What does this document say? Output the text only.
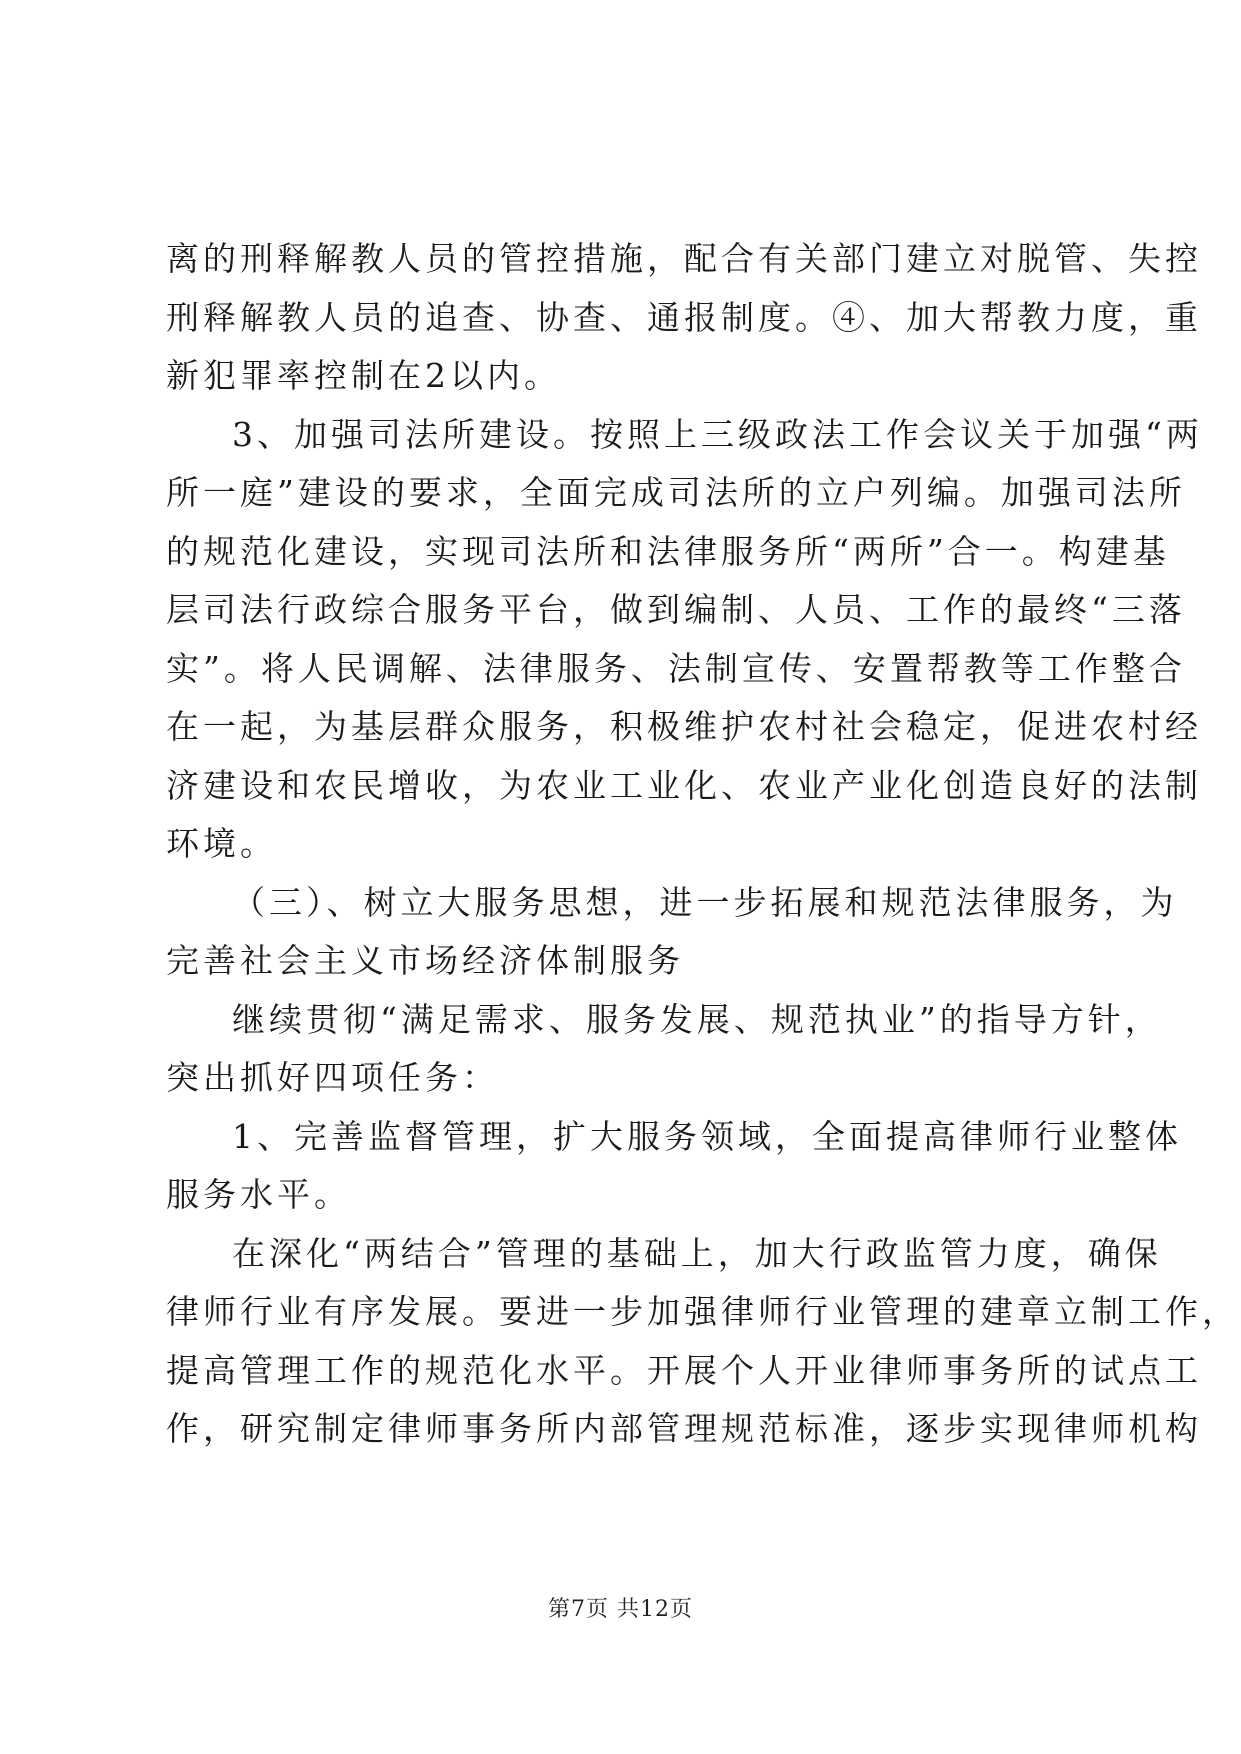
离的刑释解教人员的管控措施，配合有关部门建立对脱管、失控
刑释解教人员的追查、协查、通报制度。④、加大帮教力度，重
新犯罪率控制在2以内。
3、加强司法所建设。按照上三级政法工作会议关于加强“两
所一庭”建设的要求，全面完成司法所的立户列编。加强司法所
的规范化建设，实现司法所和法律服务所“两所”合一。构建基
层司法行政综合服务平台，做到编制、人员、工作的最终“三落
实”。将人民调解、法律服务、法制宣传、安置帮教等工作整合
在一起，为基层群众服务，积极维护农村社会稳定，促进农村经
济建设和农民增收，为农业工业化、农业产业化创造良好的法制
环境。
（三）、树立大服务思想，进一步拓展和规范法律服务，为
完善社会主义市场经济体制服务
继续贯彻“满足需求、服务发展、规范执业”的指导方针，
突出抓好四项任务：
1、完善监督管理，扩大服务领域，全面提高律师行业整体
服务水平。
在深化“两结合”管理的基础上，加大行政监管力度，确保
律师行业有序发展。要进一步加强律师行业管理的建章立制工作，
提高管理工作的规范化水平。开展个人开业律师事务所的试点工
作，研究制定律师事务所内部管理规范标准，逐步实现律师机构
第7页 共12页
